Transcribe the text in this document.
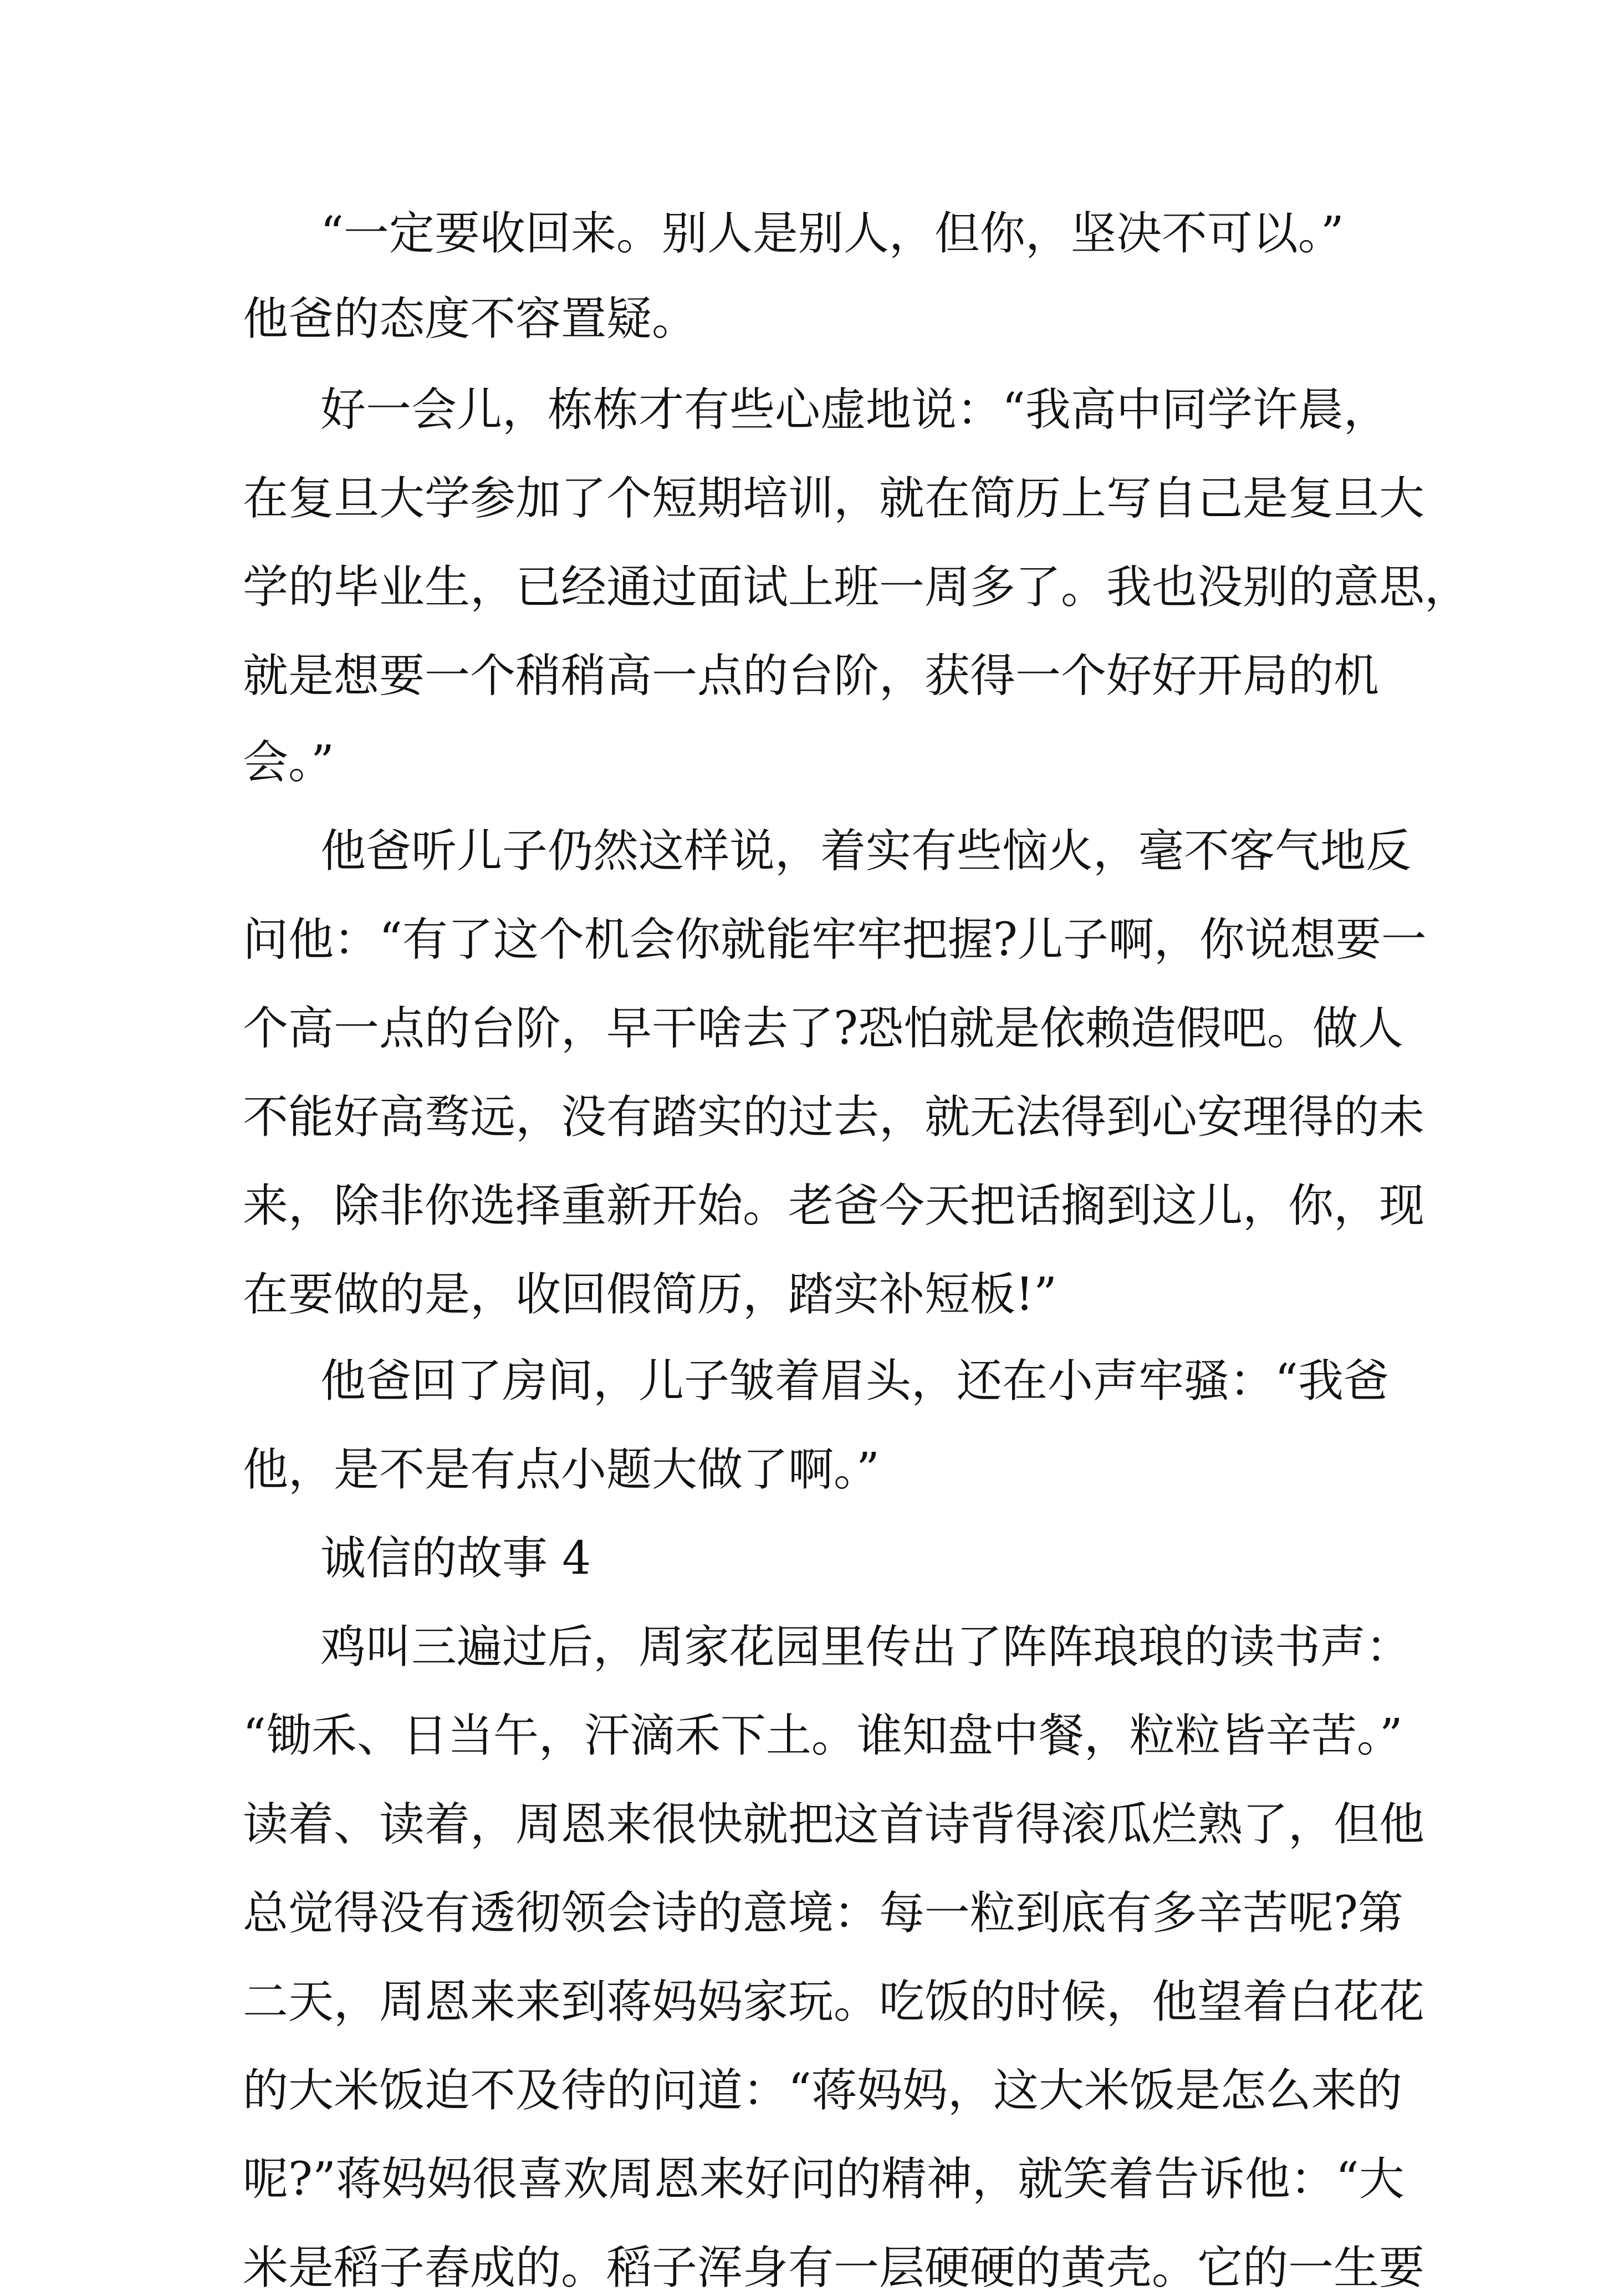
“一定要收回来。别人是别人，但你，坚决不可以。”
他爸的态度不容置疑。
好一会儿，栋栋才有些心虚地说：“我高中同学许晨，
在复旦大学参加了个短期培训，就在简历上写自己是复旦大
学的毕业生，已经通过面试上班一周多了。我也没别的意思，
就是想要一个稍稍高一点的台阶，获得一个好好开局的机
会。”
他爸听儿子仍然这样说，着实有些恼火，毫不客气地反
问他：“有了这个机会你就能牢牢把握?儿子啊，你说想要一
个高一点的台阶，早干啥去了?恐怕就是依赖造假吧。做人
不能好高骛远，没有踏实的过去，就无法得到心安理得的未
来，除非你选择重新开始。老爸今天把话搁到这儿，你，现
在要做的是，收回假简历，踏实补短板!”
他爸回了房间，儿子皱着眉头，还在小声牢骚：“我爸
他，是不是有点小题大做了啊。”
诚信的故事 4
鸡叫三遍过后，周家花园里传出了阵阵琅琅的读书声：
“锄禾、日当午，汗滴禾下土。谁知盘中餐，粒粒皆辛苦。”
读着、读着，周恩来很快就把这首诗背得滚瓜烂熟了，但他
总觉得没有透彻领会诗的意境：每一粒到底有多辛苦呢?第
二天，周恩来来到蒋妈妈家玩。吃饭的时候，他望着白花花
的大米饭迫不及待的问道：“蒋妈妈，这大米饭是怎么来的
呢?”蒋妈妈很喜欢周恩来好问的精神，就笑着告诉他：“大
米是稻子舂成的。稻子浑身有一层硬硬的黄壳。它的一生要
